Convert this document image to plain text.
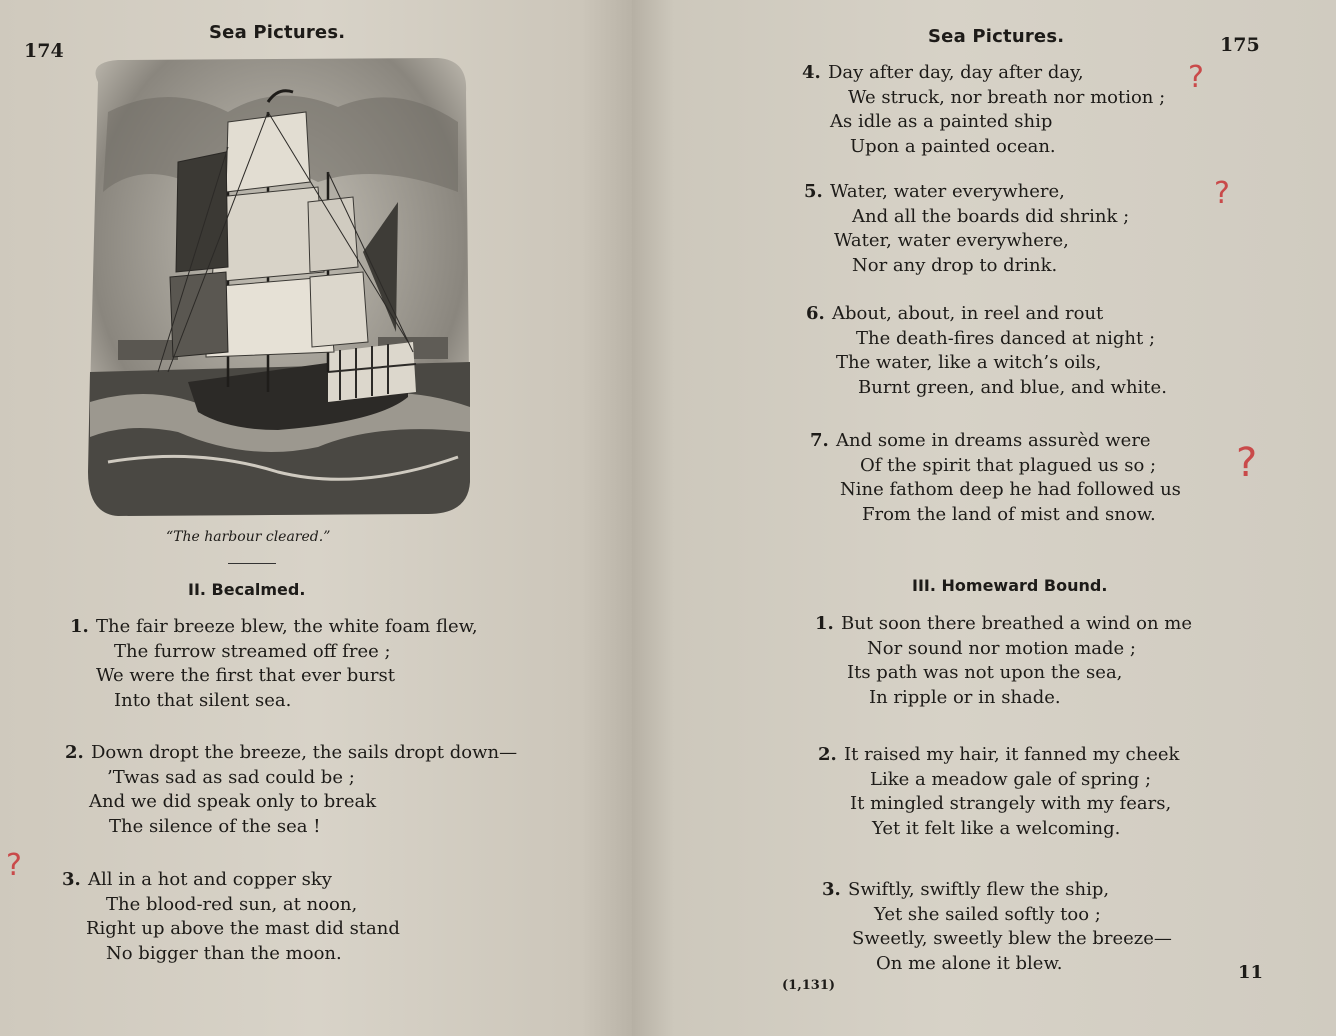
174
Sea Pictures.
“The harbour cleared.”
II. Becalmed.
1. The fair breeze blew, the white foam flew,
The furrow streamed off free ;
We were the first that ever burst
Into that silent sea.
2. Down dropt the breeze, the sails dropt down—
’Twas sad as sad could be ;
And we did speak only to break
The silence of the sea !
3. All in a hot and copper sky
The blood-red sun, at noon,
Right up above the mast did stand
No bigger than the moon.
?
Sea Pictures.	175
4. Day after day, day after day,
We struck, nor breath nor motion ;
As idle as a painted ship
Upon a painted ocean.
5. Water, water everywhere,
And all the boards did shrink ;
Water, water everywhere,
Nor any drop to drink.
6. About, about, in reel and rout
The death-fires danced at night ;
The water, like a witch’s oils,
Burnt green, and blue, and white.
7. And some in dreams assurèd were
Of the spirit that plagued us so ;
Nine fathom deep he had followed us
From the land of mist and snow.
III. Homeward Bound.
1. But soon there breathed a wind on me
Nor sound nor motion made ;
Its path was not upon the sea,
In ripple or in shade.
2. It raised my hair, it fanned my cheek
Like a meadow gale of spring ;
It mingled strangely with my fears,
Yet it felt like a welcoming.
3. Swiftly, swiftly flew the ship,
Yet she sailed softly too ;
Sweetly, sweetly blew the breeze—
On me alone it blew.
(1,131)
11
?
?
?
